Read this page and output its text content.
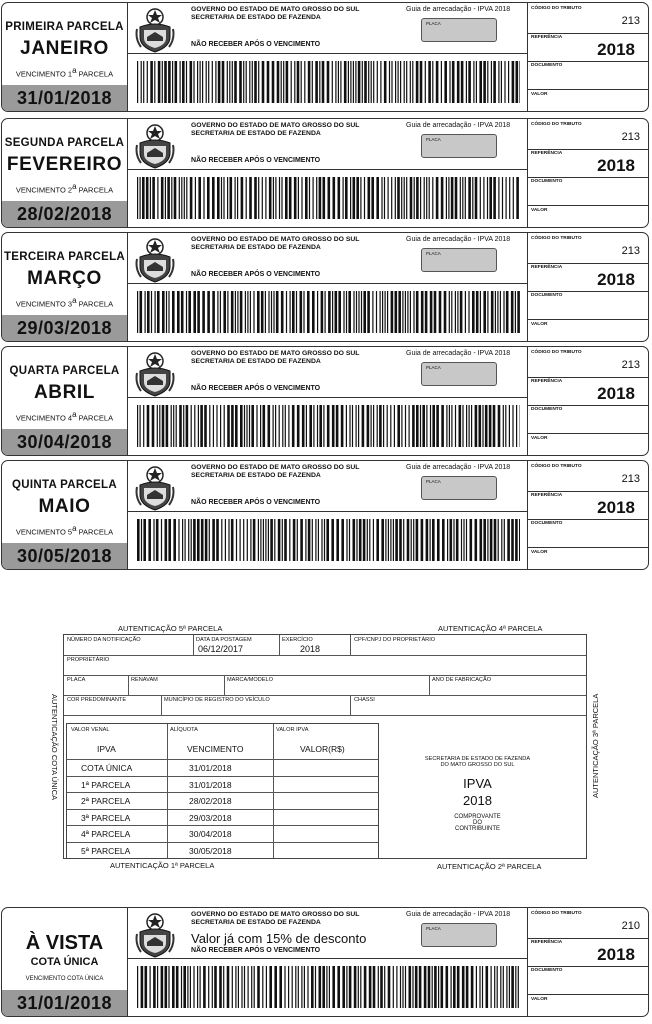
PRIMEIRA PARCELA
JANEIRO
VENCIMENTO 1$^a$ PARCELA
31/01/2018
GOVERNO DO ESTADO DE MATO GROSSO DO SUL
SECRETARIA DE ESTADO DE FAZENDA
Guia de arrecadação - IPVA 2018
PLACA
NÃO RECEBER APÓS O VENCIMENTO
CÓDIGO DO TRIBUTO
213
REFERÊNCIA
2018
DOCUMENTO
VALOR
SEGUNDA PARCELA
FEVEREIRO
VENCIMENTO 2$^a$ PARCELA
28/02/2018
GOVERNO DO ESTADO DE MATO GROSSO DO SUL
SECRETARIA DE ESTADO DE FAZENDA
Guia de arrecadação - IPVA 2018
PLACA
NÃO RECEBER APÓS O VENCIMENTO
CÓDIGO DO TRIBUTO
213
REFERÊNCIA
2018
DOCUMENTO
VALOR
TERCEIRA PARCELA
MARÇO
VENCIMENTO 3$^a$ PARCELA
29/03/2018
GOVERNO DO ESTADO DE MATO GROSSO DO SUL
SECRETARIA DE ESTADO DE FAZENDA
Guia de arrecadação - IPVA 2018
PLACA
NÃO RECEBER APÓS O VENCIMENTO
CÓDIGO DO TRIBUTO
213
REFERÊNCIA
2018
DOCUMENTO
VALOR
QUARTA PARCELA
ABRIL
VENCIMENTO 4$^a$ PARCELA
30/04/2018
GOVERNO DO ESTADO DE MATO GROSSO DO SUL
SECRETARIA DE ESTADO DE FAZENDA
Guia de arrecadação - IPVA 2018
PLACA
NÃO RECEBER APÓS O VENCIMENTO
CÓDIGO DO TRIBUTO
213
REFERÊNCIA
2018
DOCUMENTO
VALOR
QUINTA PARCELA
MAIO
VENCIMENTO 5$^a$ PARCELA
30/05/2018
GOVERNO DO ESTADO DE MATO GROSSO DO SUL
SECRETARIA DE ESTADO DE FAZENDA
Guia de arrecadação - IPVA 2018
PLACA
NÃO RECEBER APÓS O VENCIMENTO
CÓDIGO DO TRIBUTO
213
REFERÊNCIA
2018
DOCUMENTO
VALOR
AUTENTICAÇÃO 5ª PARCELA	AUTENTICAÇÃO 4ª PARCELA
AUTENTICAÇÃO COTA ÚNICA	AUTENTICAÇÃO 3ª PARCELA
NÚMERO DA NOTIFICAÇÃO	DATA DA POSTAGEM
06/12/2017
EXERCÍCIO
2018
CPF/CNPJ DO PROPRIETÁRIO
PROPRIETÁRIO
PLACA	RENAVAM	MARCA/MODELO	ANO DE FABRICAÇÃO
COR PREDOMINANTE	MUNICÍPIO DE REGISTRO DO VEÍCULO	CHASSI
VALOR VENAL	ALÍQUOTA	VALOR IPVA
IPVA	VENCIMENTO	VALOR(R$)
COTA ÚNICA	31/01/2018
1ª PARCELA	31/01/2018
2ª PARCELA	28/02/2018
3ª PARCELA	29/03/2018
4ª PARCELA	30/04/2018
5ª PARCELA	30/05/2018
SECRETARIA DE ESTADO DE FAZENDA
DO MATO GROSSO DO SUL
IPVA
2018
COMPROVANTE
DO
CONTRIBUINTE
AUTENTICAÇÃO 1ª PARCELA	AUTENTICAÇÃO 2ª PARCELA
À VISTA
COTA ÚNICA
VENCIMENTO COTA ÚNICA
31/01/2018
GOVERNO DO ESTADO DE MATO GROSSO DO SUL
SECRETARIA DE ESTADO DE FAZENDA
Guia de arrecadação - IPVA 2018
Valor já com 15% de desconto
PLACA
NÃO RECEBER APÓS O VENCIMENTO
CÓDIGO DO TRIBUTO
210
REFERÊNCIA
2018
DOCUMENTO
VALOR
